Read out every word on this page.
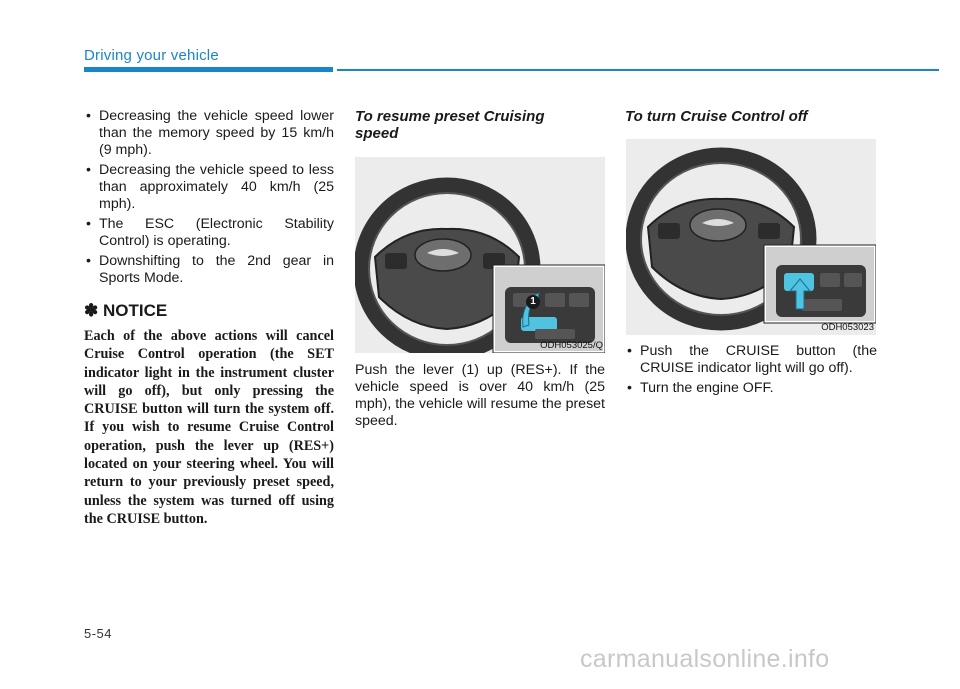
Driving your vehicle
• Decreasing the vehicle speed lower than the memory speed by 15 km/h (9 mph).
• Decreasing the vehicle speed to less than approximately 40 km/h (25 mph).
• The ESC (Electronic Stability Control) is operating.
• Downshifting to the 2nd gear in Sports Mode.
✽ NOTICE
Each of the above actions will cancel Cruise Control operation (the SET indicator light in the instrument cluster will go off), but only pressing the CRUISE button will turn the system off. If you wish to resume Cruise Control operation, push the lever up (RES+) located on your steering wheel. You will return to your previously preset speed, unless the system was turned off using the CRUISE button.
To resume preset Cruising speed
1
ODH053025/Q
Push the lever (1) up (RES+). If the vehicle speed is over 40 km/h (25 mph), the vehicle will resume the preset speed.
To turn Cruise Control off
ODH053023
• Push the CRUISE button (the CRUISE indicator light will go off).
• Turn the engine OFF.
5-54
carmanualsonline.info
